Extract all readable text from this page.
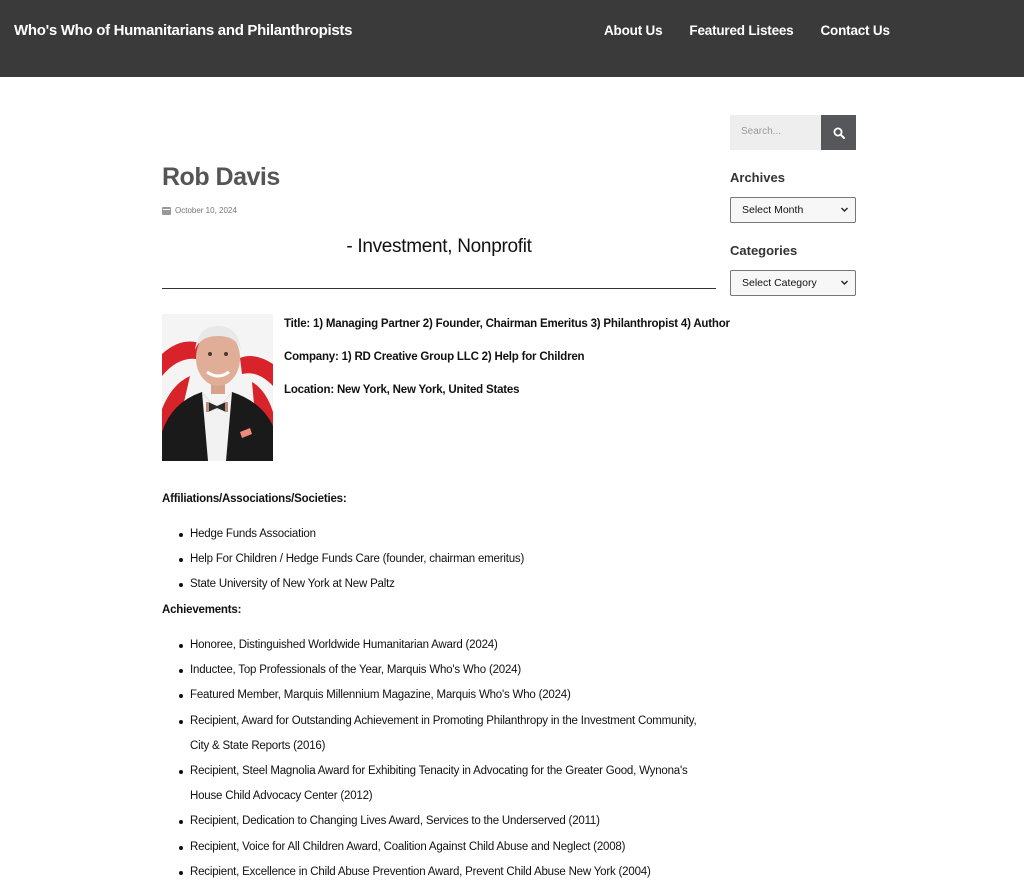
Who's Who of Humanitarians and Philanthropists	About Us Featured Listees Contact Us
Rob Davis
October 10, 2024
- Investment, Nonprofit

Title: 1) Managing Partner 2) Founder, Chairman Emeritus 3) Philanthropist 4) Author

Company: 1) RD Creative Group LLC 2) Help for Children

Location: New York, New York, United States

Affiliations/Associations/Societies:
Hedge Funds Association
Help For Children / Hedge Funds Care (founder, chairman emeritus)
State University of New York at New Paltz
Achievements:
Honoree, Distinguished Worldwide Humanitarian Award (2024)
Inductee, Top Professionals of the Year, Marquis Who's Who (2024)
Featured Member, Marquis Millennium Magazine, Marquis Who's Who (2024)
Recipient, Award for Outstanding Achievement in Promoting Philanthropy in the Investment Community, City & State Reports (2016)
Recipient, Steel Magnolia Award for Exhibiting Tenacity in Advocating for the Greater Good, Wynona's House Child Advocacy Center (2012)
Recipient, Dedication to Changing Lives Award, Services to the Underserved (2011)
Recipient, Voice for All Children Award, Coalition Against Child Abuse and Neglect (2008)
Recipient, Excellence in Child Abuse Prevention Award, Prevent Child Abuse New York (2004)
Search...
Archives
Select Month
Categories
Select Category
